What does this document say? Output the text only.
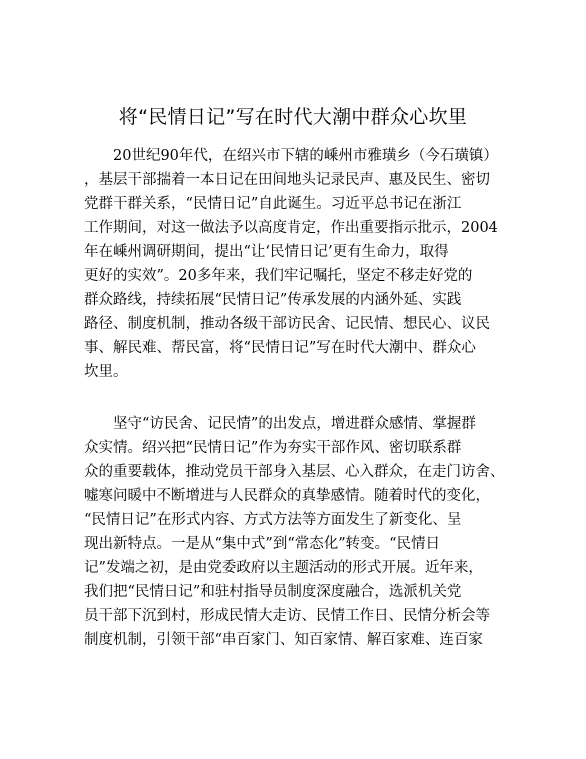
将“民情日记”写在时代大潮中群众心坎里
　　20世纪90年代，在绍兴市下辖的嵊州市雅璜乡（今石璜镇）
，基层干部揣着一本日记在田间地头记录民声、惠及民生、密切
党群干群关系，“民情日记”自此诞生。习近平总书记在浙江
工作期间，对这一做法予以高度肯定，作出重要指示批示，2004
年在嵊州调研期间，提出“让‘民情日记’更有生命力，取得
更好的实效”。20多年来，我们牢记嘱托，坚定不移走好党的
群众路线，持续拓展“民情日记”传承发展的内涵外延、实践
路径、制度机制，推动各级干部访民舍、记民情、想民心、议民
事、解民难、帮民富，将“民情日记”写在时代大潮中、群众心
坎里。
　　坚守“访民舍、记民情”的出发点，增进群众感情、掌握群
众实情。绍兴把“民情日记”作为夯实干部作风、密切联系群
众的重要载体，推动党员干部身入基层、心入群众，在走门访舍、
嘘寒问暖中不断增进与人民群众的真挚感情。随着时代的变化，
“民情日记”在形式内容、方式方法等方面发生了新变化、呈
现出新特点。一是从“集中式”到“常态化”转变。“民情日
记”发端之初，是由党委政府以主题活动的形式开展。近年来，
我们把“民情日记”和驻村指导员制度深度融合，选派机关党
员干部下沉到村，形成民情大走访、民情工作日、民情分析会等
制度机制，引领干部“串百家门、知百家情、解百家难、连百家
